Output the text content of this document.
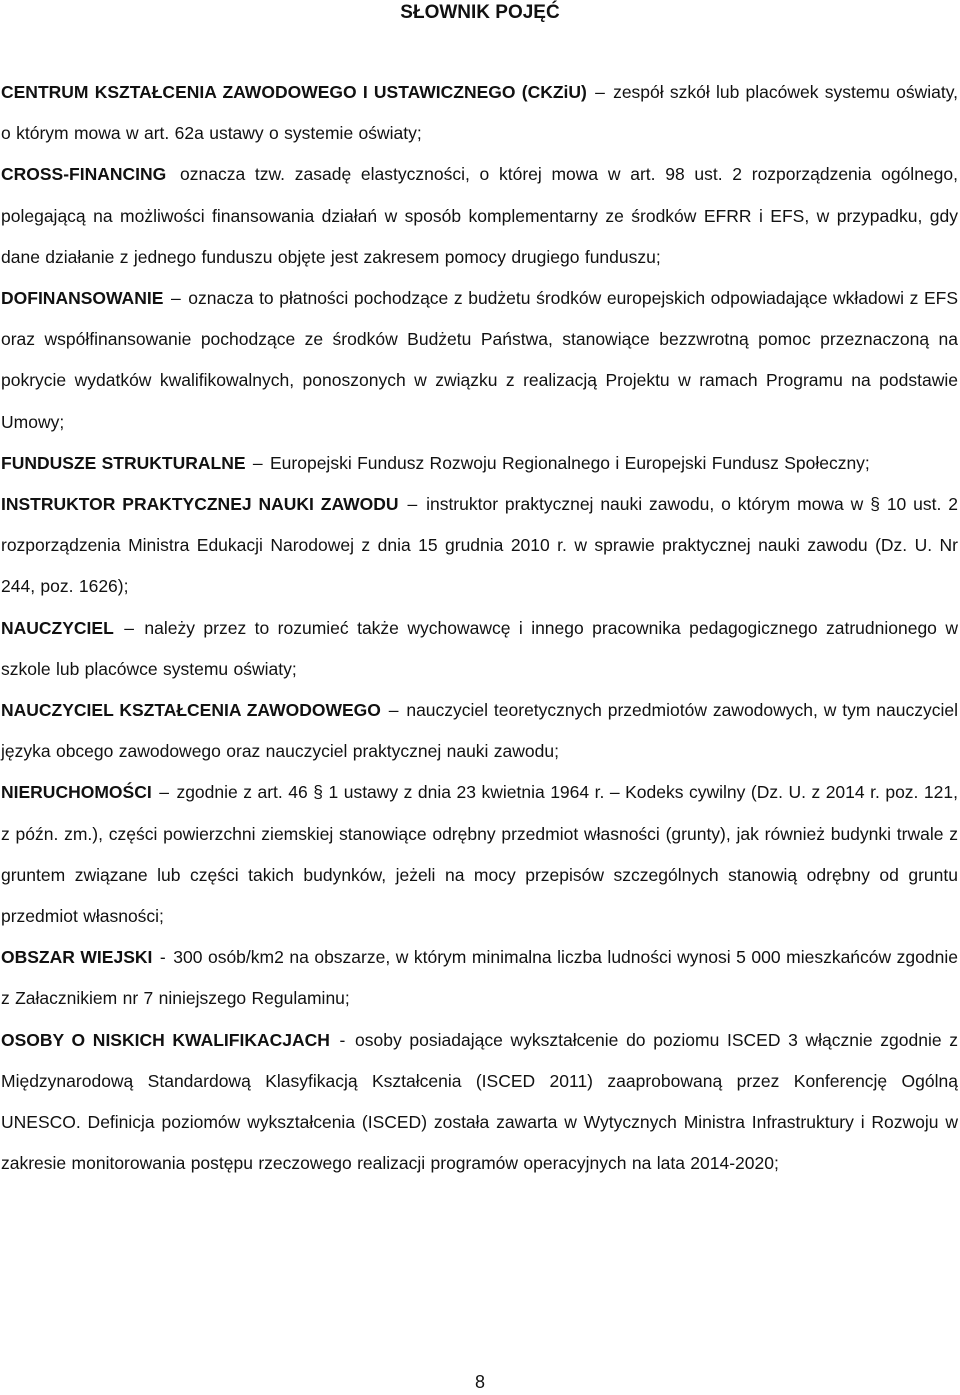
SŁOWNIK POJĘĆ

CENTRUM KSZTAŁCENIA ZAWODOWEGO I USTAWICZNEGO (CKZiU) – zespół szkół lub placówek systemu oświaty, o którym mowa w art. 62a ustawy o systemie oświaty;

CROSS-FINANCING oznacza tzw. zasadę elastyczności, o której mowa w art. 98 ust. 2 rozporządzenia ogólnego, polegającą na możliwości finansowania działań w sposób komplementarny ze środków EFRR i EFS, w przypadku, gdy dane działanie z jednego funduszu objęte jest zakresem pomocy drugiego funduszu;

DOFINANSOWANIE – oznacza to płatności pochodzące z budżetu środków europejskich odpowiadające wkładowi z EFS oraz współfinansowanie pochodzące ze środków Budżetu Państwa, stanowiące bezzwrotną pomoc przeznaczoną na pokrycie wydatków kwalifikowalnych, ponoszonych w związku z realizacją Projektu w ramach Programu na podstawie Umowy;

FUNDUSZE STRUKTURALNE – Europejski Fundusz Rozwoju Regionalnego i Europejski Fundusz Społeczny;

INSTRUKTOR PRAKTYCZNEJ NAUKI ZAWODU – instruktor praktycznej nauki zawodu, o którym mowa w § 10 ust. 2 rozporządzenia Ministra Edukacji Narodowej z dnia 15 grudnia 2010 r. w sprawie praktycznej nauki zawodu (Dz. U. Nr 244, poz. 1626);

NAUCZYCIEL – należy przez to rozumieć także wychowawcę i innego pracownika pedagogicznego zatrudnionego w szkole lub placówce systemu oświaty;

NAUCZYCIEL KSZTAŁCENIA ZAWODOWEGO – nauczyciel teoretycznych przedmiotów zawodowych, w tym nauczyciel języka obcego zawodowego oraz nauczyciel praktycznej nauki zawodu;

NIERUCHOMOŚCI – zgodnie z art. 46 § 1 ustawy z dnia 23 kwietnia 1964 r. – Kodeks cywilny (Dz. U. z 2014 r. poz. 121, z późn. zm.), części powierzchni ziemskiej stanowiące odrębny przedmiot własności (grunty), jak również budynki trwale z gruntem związane lub części takich budynków, jeżeli na mocy przepisów szczególnych stanowią odrębny od gruntu przedmiot własności;

OBSZAR WIEJSKI - 300 osób/km2 na obszarze, w którym minimalna liczba ludności wynosi 5 000 mieszkańców zgodnie z Załacznikiem nr 7 niniejszego Regulaminu;

OSOBY O NISKICH KWALIFIKACJACH - osoby posiadające wykształcenie do poziomu ISCED 3 włącznie zgodnie z Międzynarodową Standardową Klasyfikacją Kształcenia (ISCED 2011) zaaprobowaną przez Konferencję Ogólną UNESCO. Definicja poziomów wykształcenia (ISCED) została zawarta w Wytycznych Ministra Infrastruktury i Rozwoju w zakresie monitorowania postępu rzeczowego realizacji programów operacyjnych na lata 2014-2020;

8
